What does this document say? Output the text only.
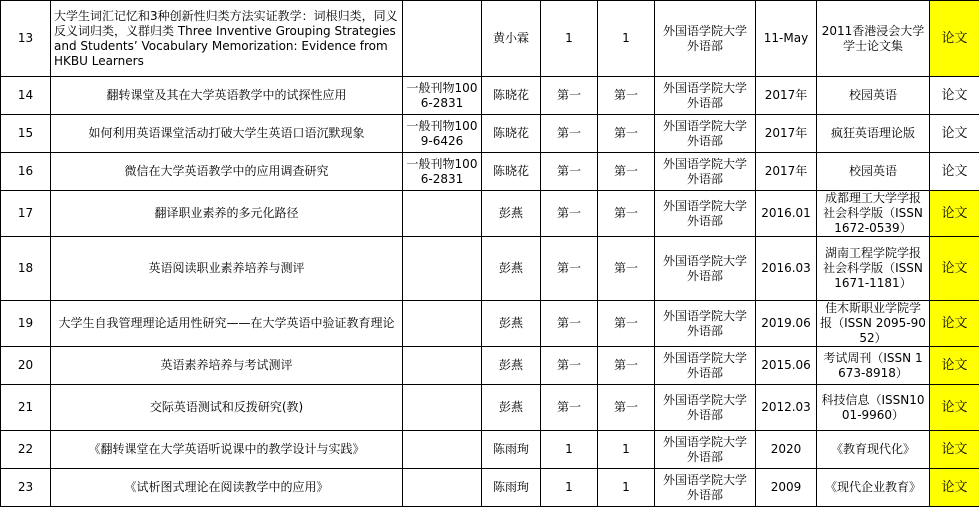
13	大学生词汇记忆和3种创新性归类方法实证教学：词根归类，同义反义词归类，义群归类 Three Inventive Grouping Strategies and Students’ Vocabulary Memorization: Evidence from HKBU Learners		黄小霖	1	1	外国语学院大学外语部	11-May	2011香港浸会大学学士论文集	论文
14	翻转课堂及其在大学英语教学中的试探性应用	一般刊物1006-2831	陈晓花	第一	第一	外国语学院大学外语部	2017年	校园英语	论文
15	如何利用英语课堂活动打破大学生英语口语沉默现象	一般刊物1009-6426	陈晓花	第一	第一	外国语学院大学外语部	2017年	疯狂英语理论版	论文
16	微信在大学英语教学中的应用调查研究	一般刊物1006-2831	陈晓花	第一	第一	外国语学院大学外语部	2017年	校园英语	论文
17	翻译职业素养的多元化路径		彭燕	第一	第一	外国语学院大学外语部	2016.01	成都理工大学学报社会科学版（ISSN 1672-0539）	论文
18	英语阅读职业素养培养与测评		彭燕	第一	第一	外国语学院大学外语部	2016.03	湖南工程学院学报社会科学版（ISSN1671-1181）	论文
19	大学生自我管理理论适用性研究——在大学英语中验证教育理论		彭燕	第一	第一	外国语学院大学外语部	2019.06	佳木斯职业学院学报（ISSN 2095-9052）	论文
20	英语素养培养与考试测评		彭燕	第一	第一	外国语学院大学外语部	2015.06	考试周刊（ISSN 1673-8918）	论文
21	交际英语测试和反拨研究(教)		彭燕	第一	第一	外国语学院大学外语部	2012.03	科技信息（ISSN1001-9960）	论文
22	《翻转课堂在大学英语听说课中的教学设计与实践》		陈雨珣	1	1	外国语学院大学外语部	2020	《教育现代化》	论文
23	《试析图式理论在阅读教学中的应用》		陈雨珣	1	1	外国语学院大学外语部	2009	《现代企业教育》	论文
